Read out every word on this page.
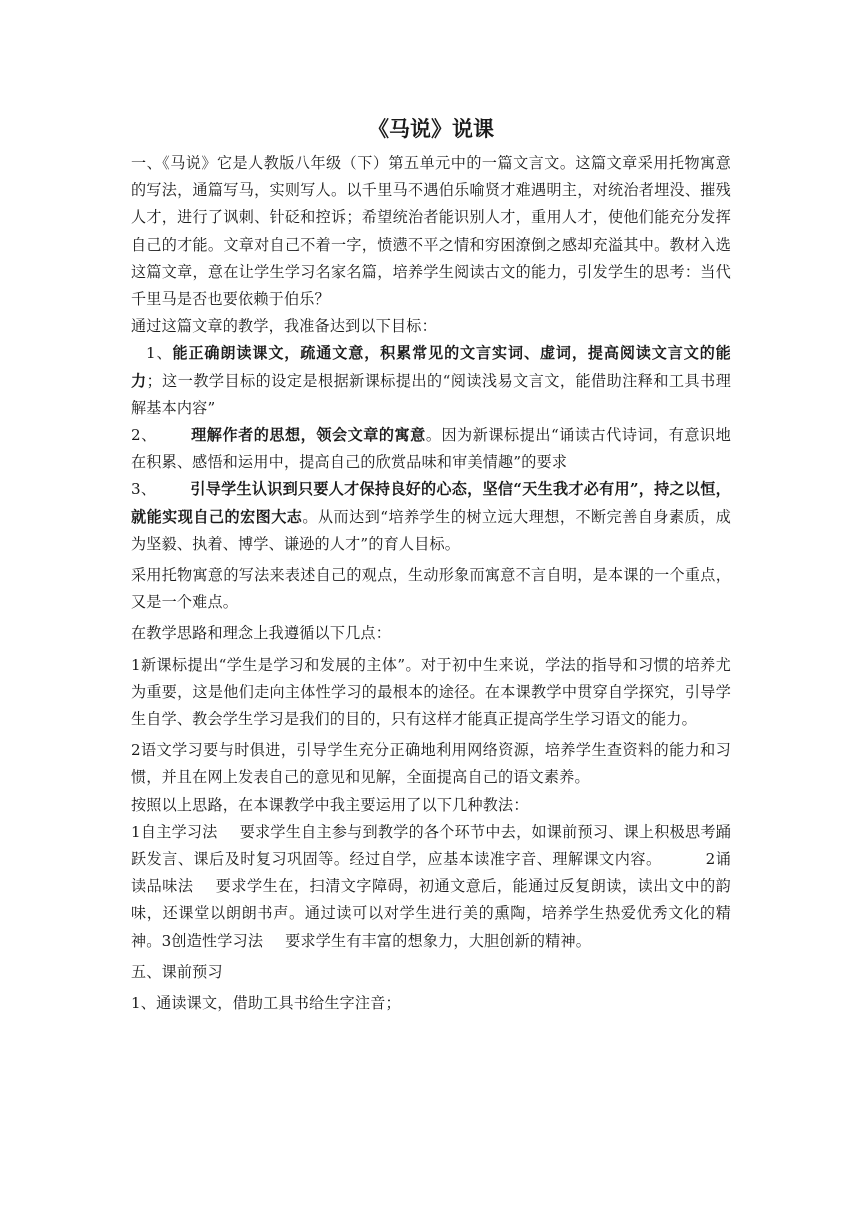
《马说》说课

一、《马说》它是人教版八年级（下）第五单元中的一篇文言文。这篇文章采用托物寓意的写法，通篇写马，实则写人。以千里马不遇伯乐喻贤才难遇明主，对统治者埋没、摧残人才，进行了讽刺、针砭和控诉；希望统治者能识别人才，重用人才，使他们能充分发挥自己的才能。文章对自己不着一字，愤懑不平之情和穷困潦倒之感却充溢其中。教材入选这篇文章，意在让学生学习名家名篇，培养学生阅读古文的能力，引发学生的思考：当代千里马是否也要依赖于伯乐？

通过这篇文章的教学，我准备达到以下目标：

1、能正确朗读课文，疏通文意，积累常见的文言实词、虚词，提高阅读文言文的能力；这一教学目标的设定是根据新课标提出的“阅读浅易文言文，能借助注释和工具书理解基本内容”

2、 理解作者的思想，领会文章的寓意。因为新课标提出“诵读古代诗词，有意识地在积累、感悟和运用中，提高自己的欣赏品味和审美情趣”的要求

3、 引导学生认识到只要人才保持良好的心态，坚信“天生我才必有用”，持之以恒，就能实现自己的宏图大志。从而达到“培养学生的树立远大理想，不断完善自身素质，成为坚毅、执着、博学、谦逊的人才”的育人目标。

采用托物寓意的写法来表述自己的观点，生动形象而寓意不言自明，是本课的一个重点，又是一个难点。

在教学思路和理念上我遵循以下几点：

1新课标提出“学生是学习和发展的主体”。对于初中生来说，学法的指导和习惯的培养尤为重要，这是他们走向主体性学习的最根本的途径。在本课教学中贯穿自学探究，引导学生自学、教会学生学习是我们的目的，只有这样才能真正提高学生学习语文的能力。

2语文学习要与时俱进，引导学生充分正确地利用网络资源，培养学生查资料的能力和习惯，并且在网上发表自己的意见和见解，全面提高自己的语文素养。

按照以上思路，在本课教学中我主要运用了以下几种教法：

1自主学习法 要求学生自主参与到教学的各个环节中去，如课前预习、课上积极思考踊跃发言、课后及时复习巩固等。经过自学，应基本读准字音、理解课文内容。	2诵读品味法 要求学生在，扫清文字障碍，初通文意后，能通过反复朗读，读出文中的韵味，还课堂以朗朗书声。通过读可以对学生进行美的熏陶，培养学生热爱优秀文化的精神。3创造性学习法 要求学生有丰富的想象力，大胆创新的精神。

五、课前预习

1、通读课文，借助工具书给生字注音；
